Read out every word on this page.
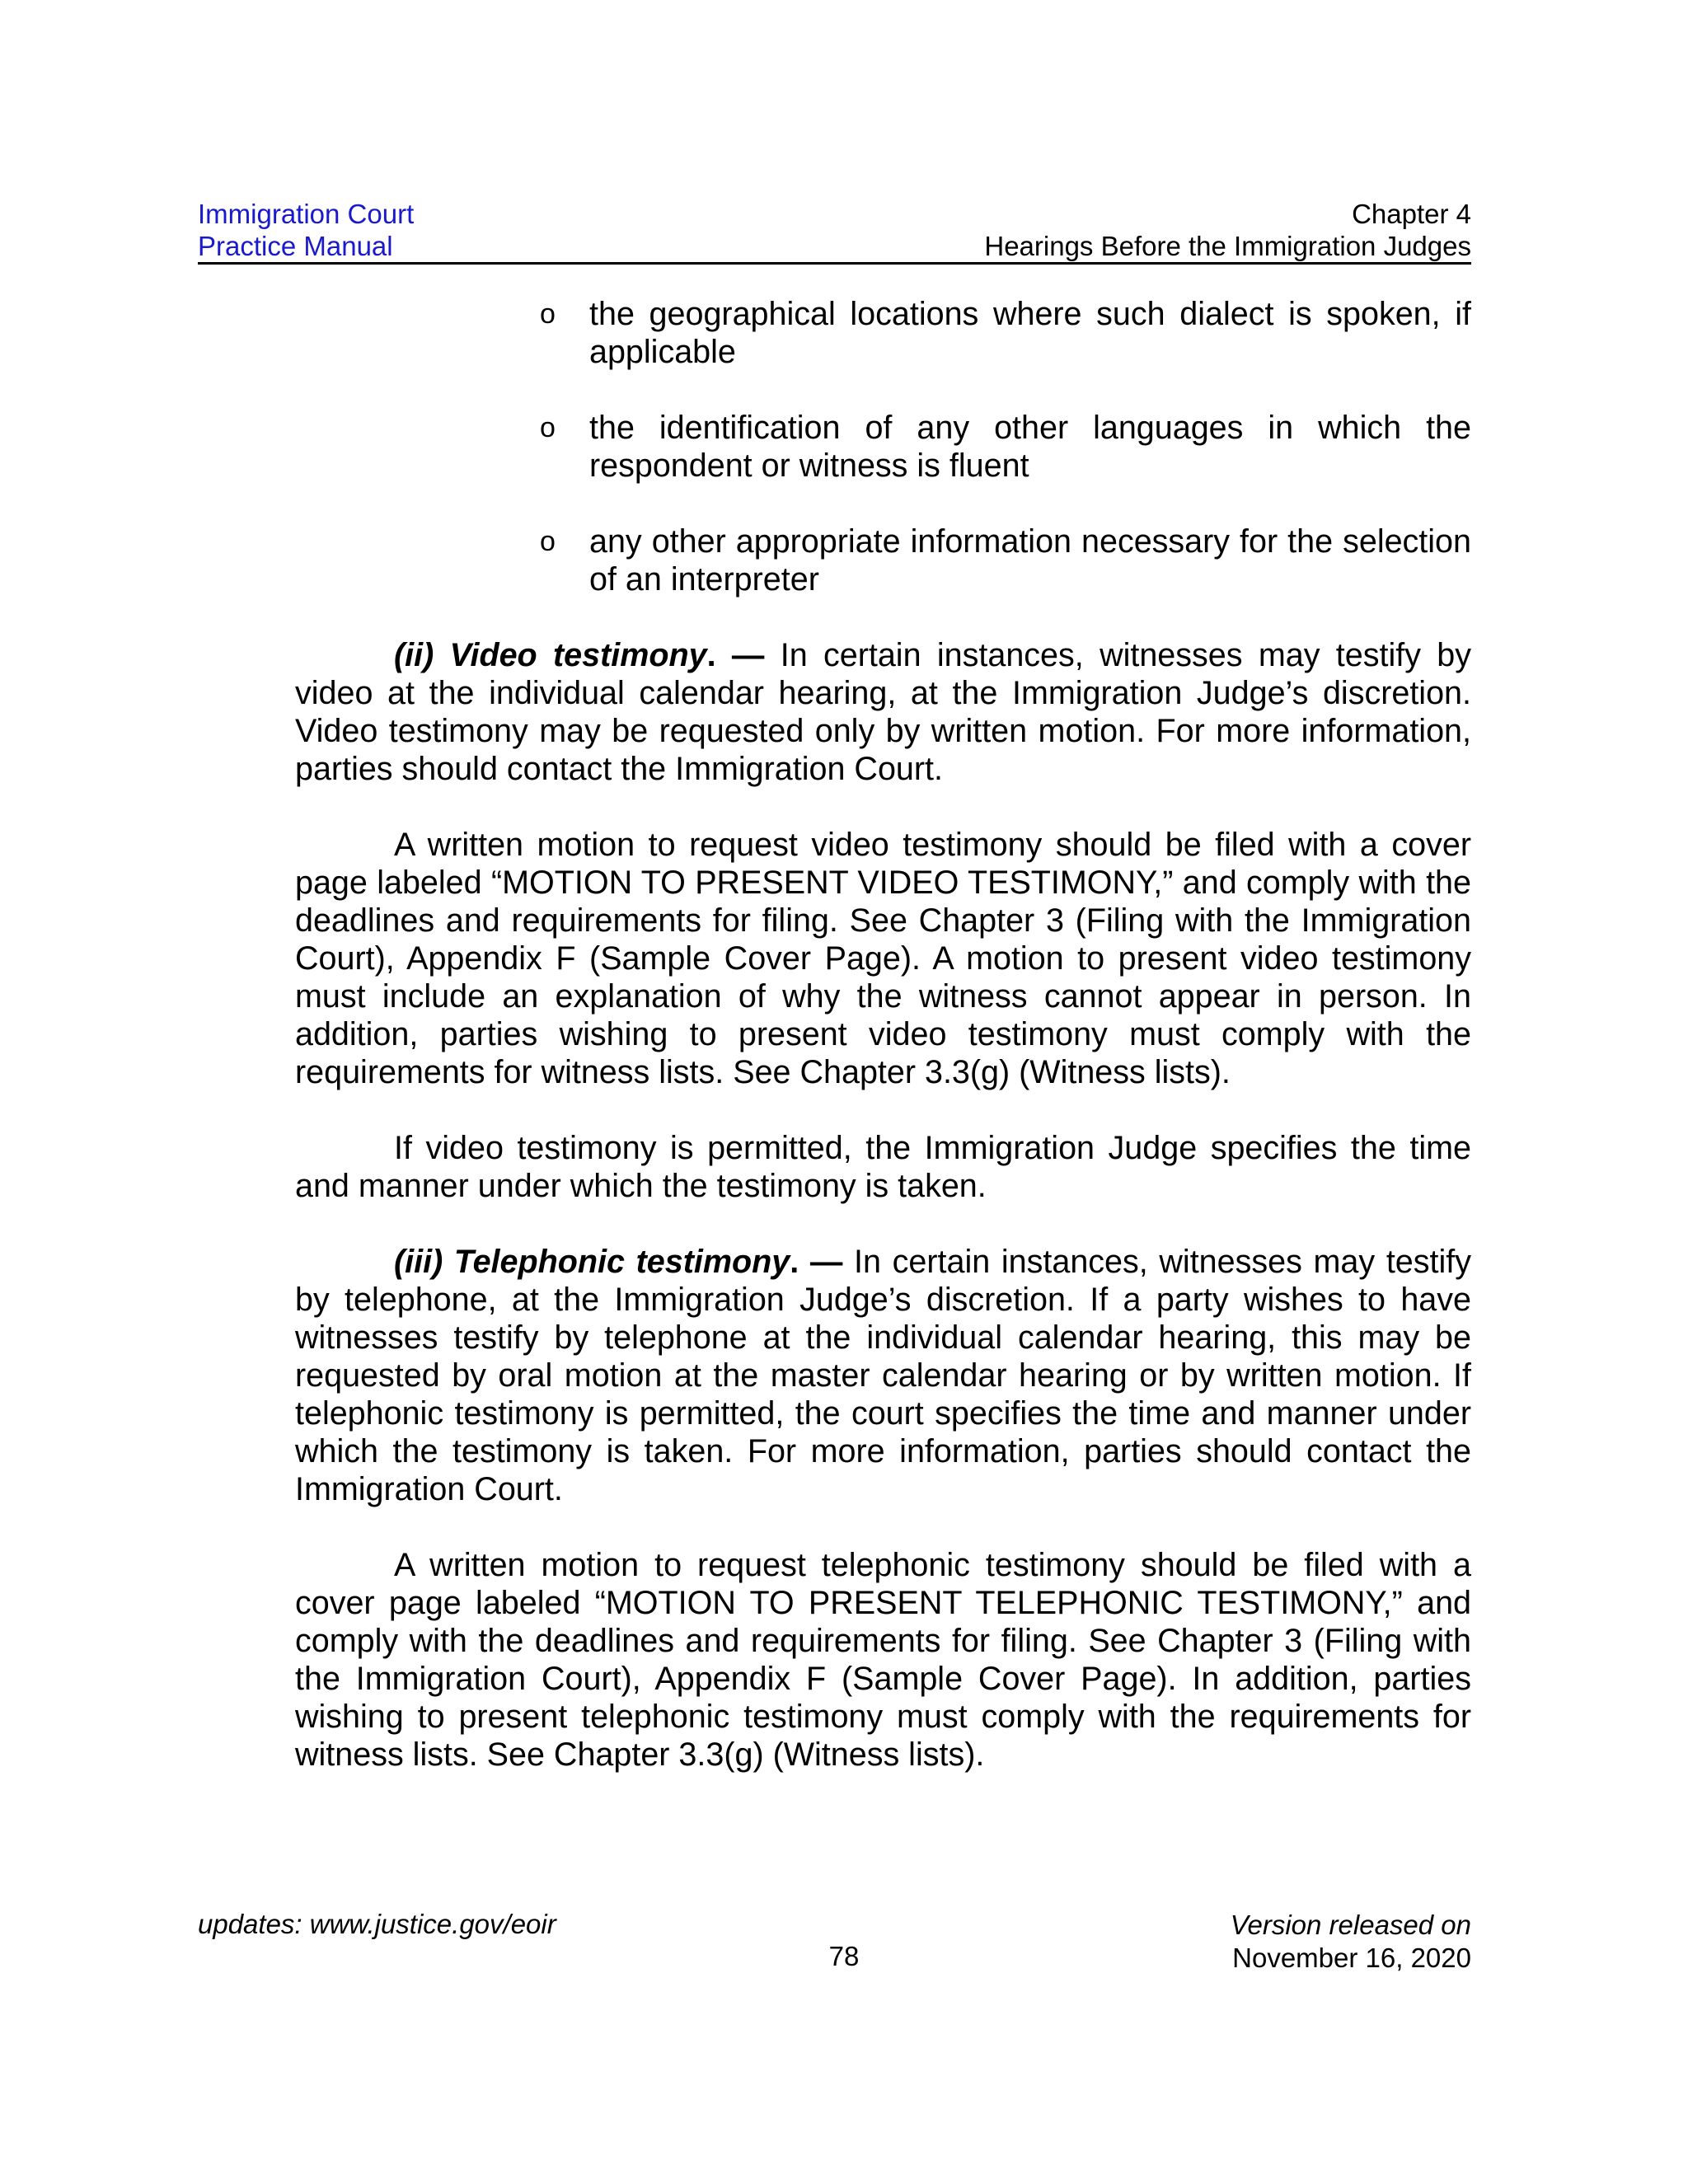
Immigration Court
Practice Manual
Chapter 4
Hearings Before the Immigration Judges
o	the geographical locations where such dialect is spoken, if applicable
o	the identification of any other languages in which the respondent or witness is fluent
o	any other appropriate information necessary for the selection of an interpreter

(ii) Video testimony. — In certain instances, witnesses may testify by video at the individual calendar hearing, at the Immigration Judge’s discretion. Video testimony may be requested only by written motion. For more information, parties should contact the Immigration Court.

A written motion to request video testimony should be filed with a cover page labeled “MOTION TO PRESENT VIDEO TESTIMONY,” and comply with the deadlines and requirements for filing. See Chapter 3 (Filing with the Immigration Court), Appendix F (Sample Cover Page). A motion to present video testimony must include an explanation of why the witness cannot appear in person. In addition, parties wishing to present video testimony must comply with the requirements for witness lists. See Chapter 3.3(g) (Witness lists).

If video testimony is permitted, the Immigration Judge specifies the time and manner under which the testimony is taken.

(iii) Telephonic testimony. — In certain instances, witnesses may testify by telephone, at the Immigration Judge’s discretion. If a party wishes to have witnesses testify by telephone at the individual calendar hearing, this may be requested by oral motion at the master calendar hearing or by written motion. If telephonic testimony is permitted, the court specifies the time and manner under which the testimony is taken. For more information, parties should contact the Immigration Court.

A written motion to request telephonic testimony should be filed with a cover page labeled “MOTION TO PRESENT TELEPHONIC TESTIMONY,” and comply with the deadlines and requirements for filing. See Chapter 3 (Filing with the Immigration Court), Appendix F (Sample Cover Page). In addition, parties wishing to present telephonic testimony must comply with the requirements for witness lists. See Chapter 3.3(g) (Witness lists).

updates: www.justice.gov/eoir
78
Version released on
November 16, 2020
